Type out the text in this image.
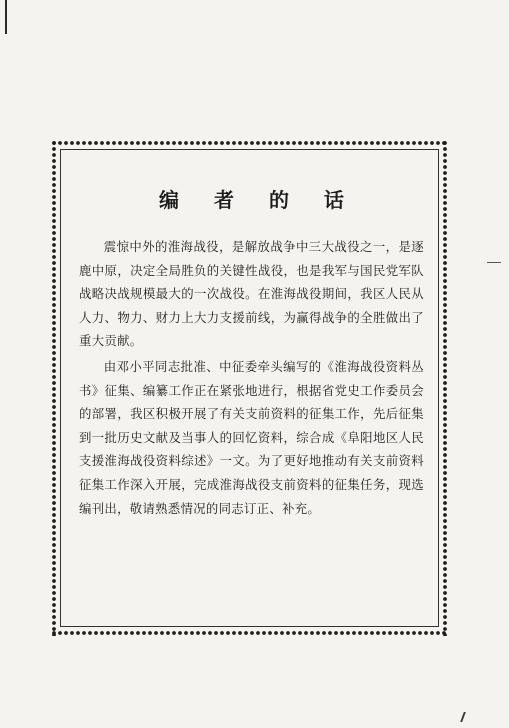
编 者 的 话

震惊中外的淮海战役，是解放战争中三大战役之一，是逐鹿中原，决定全局胜负的关键性战役，也是我军与国民党军队战略决战规模最大的一次战役。在淮海战役期间，我区人民从人力、物力、财力上大力支援前线，为赢得战争的全胜做出了重大贡献。

由邓小平同志批准、中征委牵头编写的《淮海战役资料丛书》征集、编纂工作正在紧张地进行，根据省党史工作委员会的部署，我区积极开展了有关支前资料的征集工作，先后征集到一批历史文献及当事人的回忆资料，综合成《阜阳地区人民支援淮海战役资料综述》一文。为了更好地推动有关支前资料征集工作深入开展，完成淮海战役支前资料的征集任务，现选编刊出，敬请熟悉情况的同志订正、补充。
